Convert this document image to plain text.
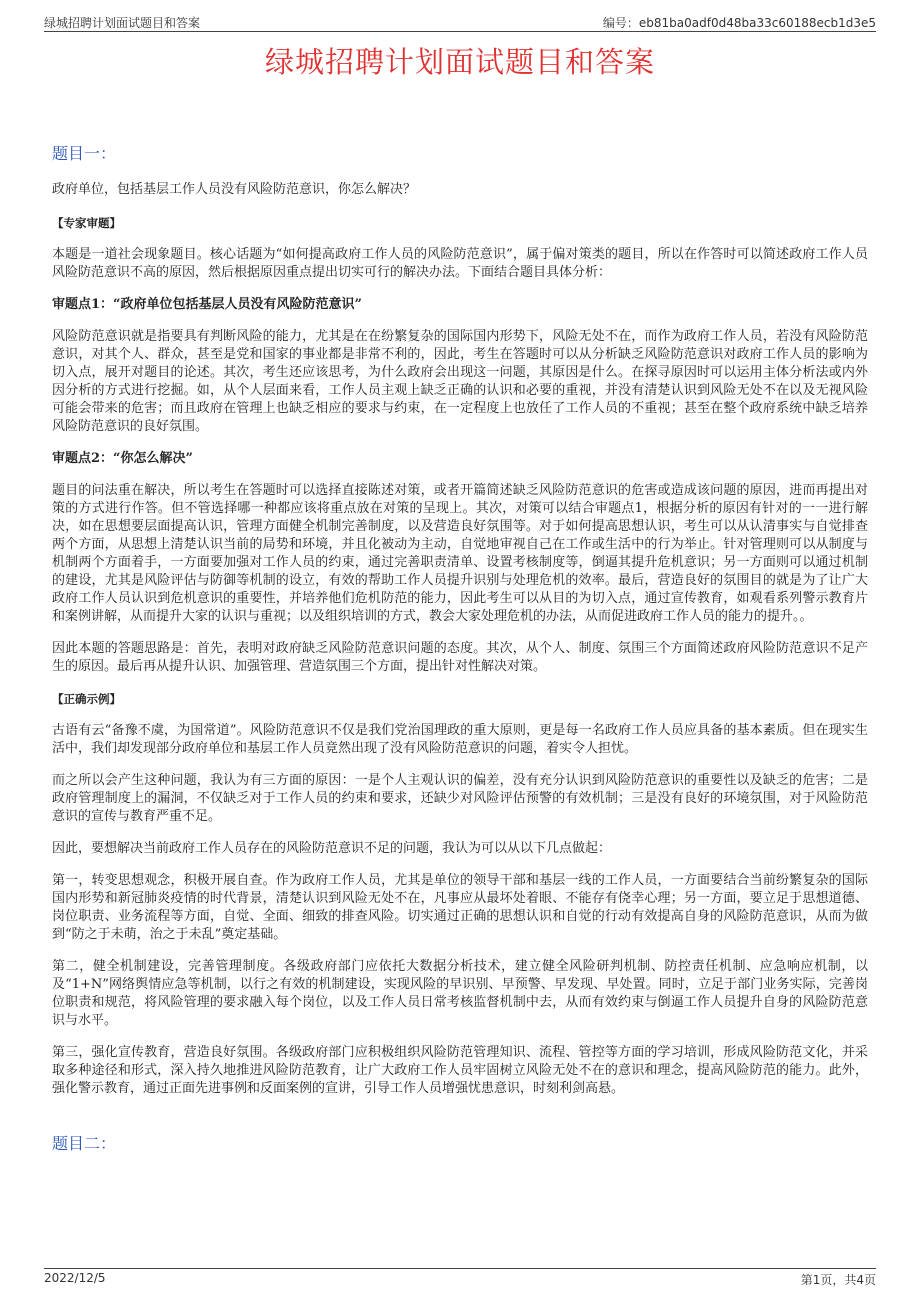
绿城招聘计划面试题目和答案	编号：eb81ba0adf0d48ba33c60188ecb1d3e5
绿城招聘计划面试题目和答案
题目一：

政府单位，包括基层工作人员没有风险防范意识，你怎么解决？

【专家审题】

本题是一道社会现象题目。核心话题为“如何提高政府工作人员的风险防范意识”，属于偏对策类的题目，所以在作答时可以简述政府工作人员风险防范意识不高的原因，然后根据原因重点提出切实可行的解决办法。下面结合题目具体分析：

审题点1：“政府单位包括基层人员没有风险防范意识”

风险防范意识就是指要具有判断风险的能力，尤其是在在纷繁复杂的国际国内形势下，风险无处不在，而作为政府工作人员，若没有风险防范意识，对其个人、群众，甚至是党和国家的事业都是非常不利的，因此，考生在答题时可以从分析缺乏风险防范意识对政府工作人员的影响为切入点，展开对题目的论述。其次，考生还应该思考，为什么政府会出现这一问题，其原因是什么。在探寻原因时可以运用主体分析法或内外因分析的方式进行挖掘。如，从个人层面来看，工作人员主观上缺乏正确的认识和必要的重视，并没有清楚认识到风险无处不在以及无视风险可能会带来的危害；而且政府在管理上也缺乏相应的要求与约束，在一定程度上也放任了工作人员的不重视；甚至在整个政府系统中缺乏培养风险防范意识的良好氛围。

审题点2：“你怎么解决”

题目的问法重在解决，所以考生在答题时可以选择直接陈述对策，或者开篇简述缺乏风险防范意识的危害或造成该问题的原因，进而再提出对策的方式进行作答。但不管选择哪一种都应该将重点放在对策的呈现上。其次，对策可以结合审题点1，根据分析的原因有针对的一一进行解决，如在思想要层面提高认识，管理方面健全机制完善制度，以及营造良好氛围等。对于如何提高思想认识，考生可以从认清事实与自觉排查两个方面，从思想上清楚认识当前的局势和环境，并且化被动为主动，自觉地审视自己在工作或生活中的行为举止。针对管理则可以从制度与机制两个方面着手，一方面要加强对工作人员的约束，通过完善职责清单、设置考核制度等，倒逼其提升危机意识；另一方面则可以通过机制的建设，尤其是风险评估与防御等机制的设立，有效的帮助工作人员提升识别与处理危机的效率。最后，营造良好的氛围目的就是为了让广大政府工作人员认识到危机意识的重要性，并培养他们危机防范的能力，因此考生可以从目的为切入点，通过宣传教育，如观看系列警示教育片和案例讲解，从而提升大家的认识与重视；以及组织培训的方式，教会大家处理危机的办法，从而促进政府工作人员的能力的提升。。

因此本题的答题思路是：首先，表明对政府缺乏风险防范意识问题的态度。其次，从个人、制度、氛围三个方面简述政府风险防范意识不足产生的原因。最后再从提升认识、加强管理、营造氛围三个方面，提出针对性解决对策。

【正确示例】

古语有云“备豫不虞，为国常道”。风险防范意识不仅是我们党治国理政的重大原则，更是每一名政府工作人员应具备的基本素质。但在现实生活中，我们却发现部分政府单位和基层工作人员竟然出现了没有风险防范意识的问题，着实令人担忧。

而之所以会产生这种问题，我认为有三方面的原因：一是个人主观认识的偏差，没有充分认识到风险防范意识的重要性以及缺乏的危害；二是政府管理制度上的漏洞，不仅缺乏对于工作人员的约束和要求，还缺少对风险评估预警的有效机制；三是没有良好的环境氛围，对于风险防范意识的宣传与教育严重不足。

因此，要想解决当前政府工作人员存在的风险防范意识不足的问题，我认为可以从以下几点做起：

第一，转变思想观念，积极开展自查。作为政府工作人员，尤其是单位的领导干部和基层一线的工作人员，一方面要结合当前纷繁复杂的国际国内形势和新冠肺炎疫情的时代背景，清楚认识到风险无处不在，凡事应从最坏处着眼、不能存有侥幸心理；另一方面，要立足于思想道德、岗位职责、业务流程等方面，自觉、全面、细致的排查风险。切实通过正确的思想认识和自觉的行动有效提高自身的风险防范意识，从而为做到“防之于未萌，治之于未乱”奠定基础。

第二，健全机制建设，完善管理制度。各级政府部门应依托大数据分析技术，建立健全风险研判机制、防控责任机制、应急响应机制，以及“1+N”网络舆情应急等机制，以行之有效的机制建设，实现风险的早识别、早预警、早发现、早处置。同时，立足于部门业务实际，完善岗位职责和规范，将风险管理的要求融入每个岗位，以及工作人员日常考核监督机制中去，从而有效约束与倒逼工作人员提升自身的风险防范意识与水平。

第三，强化宣传教育，营造良好氛围。各级政府部门应积极组织风险防范管理知识、流程、管控等方面的学习培训，形成风险防范文化，并采取多种途径和形式，深入持久地推进风险防范教育，让广大政府工作人员牢固树立风险无处不在的意识和理念，提高风险防范的能力。此外，强化警示教育，通过正面先进事例和反面案例的宣讲，引导工作人员增强忧患意识，时刻利剑高悬。

题目二：
2022/12/5	第1页，共4页
